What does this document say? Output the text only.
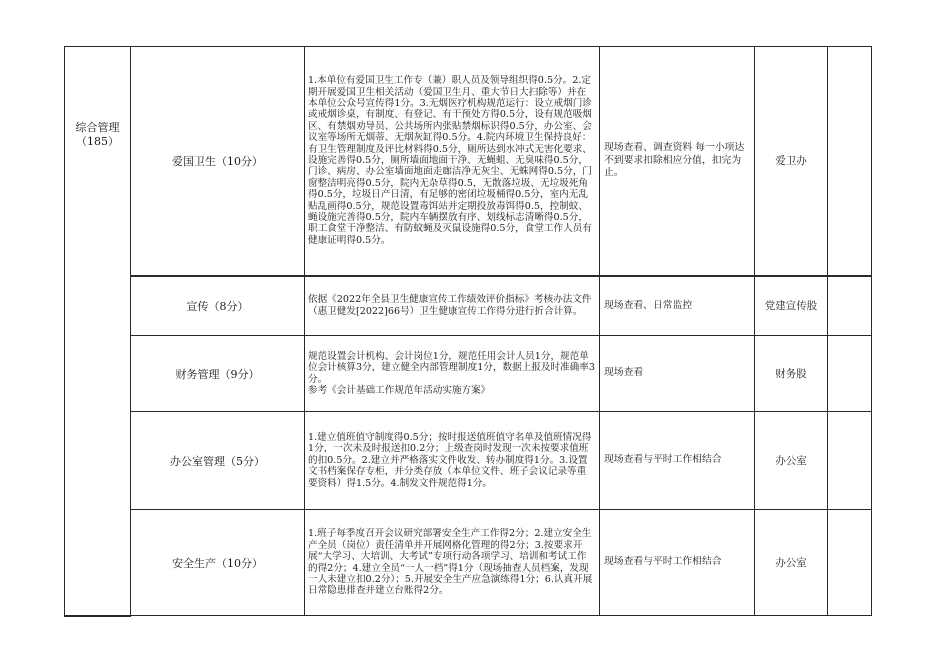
综合管理（185）	爱国卫生（10分）	1.本单位有爱国卫生工作专（兼）职人员及领导组织得0.5分。2.定期开展爱国卫生相关活动（爱国卫生月、重大节日大扫除等）并在本单位公众号宣传得1分。3.无烟医疗机构规范运行：设立戒烟门诊或戒烟诊桌，有制度、有登记、有干预处方得0.5分，设有规范吸烟区、有禁烟劝导员、公共场所内张贴禁烟标识得0.5分，办公室、会议室等场所无烟蒂、无烟灰缸得0.5分。4.院内环境卫生保持良好：有卫生管理制度及评比材料得0.5分，厕所达到水冲式无害化要求、设施完善得0.5分，厕所墙面地面干净、无蝇蛆、无臭味得0.5分，门诊、病房、办公室墙面地面走廊洁净无灰尘、无蛛网得0.5分，门窗整洁明亮得0.5分，院内无杂草得0.5，无散落垃圾、无垃圾死角得0.5分，垃圾日产日清，有足够的密闭垃圾桶得0.5分，室内无乱贴乱画得0.5分，规范设置毒饵站并定期投放毒饵得0.5，控制蚊、蝇设施完善得0.5分，院内车辆摆放有序、划线标志清晰得0.5分，职工食堂干净整洁、有防蚊蝇及灭鼠设施得0.5分，食堂工作人员有健康证明得0.5分。	现场查看、调查资料 每一小项达不到要求扣除相应分值，扣完为止。	爱卫办	
	宣传（8分）	依据《2022年全县卫生健康宣传工作绩效评价指标》考核办法文件（惠卫健发[2022]66号）卫生健康宣传工作得分进行折合计算。	现场查看、日常监控	党建宣传股	
	财务管理（9分）	规范设置会计机构、会计岗位1分，规范任用会计人员1分，规范单位会计核算3分，建立健全内部管理制度1分，数据上报及时准确率3分。
参考《会计基础工作规范年活动实施方案》	现场查看	财务股	
	办公室管理（5分）	1.建立值班值守制度得0.5分；按时报送值班值守名单及值班情况得1分，一次未及时报送扣0.2分；上级查岗时发现一次未按要求值班的扣0.5分。2.建立并严格落实文件收发、转办制度得1分。3.设置文书档案保存专柜，并分类存放（本单位文件、班子会议记录等重要资料）得1.5分。4.制发文件规范得1分。	现场查看与平时工作相结合	办公室	
	安全生产（10分）	1.班子每季度召开会议研究部署安全生产工作得2分；2.建立安全生产全员（岗位）责任清单并开展网格化管理的得2分；3.按要求开展“大学习、大培训、大考试”专项行动各项学习、培训和考试工作的得2分；4.建立全员“一人一档”得1分（现场抽查人员档案，发现一人未建立扣0.2分）；5.开展安全生产应急演练得1分；6.认真开展日常隐患排查并建立台账得2分。	现场查看与平时工作相结合	办公室	
